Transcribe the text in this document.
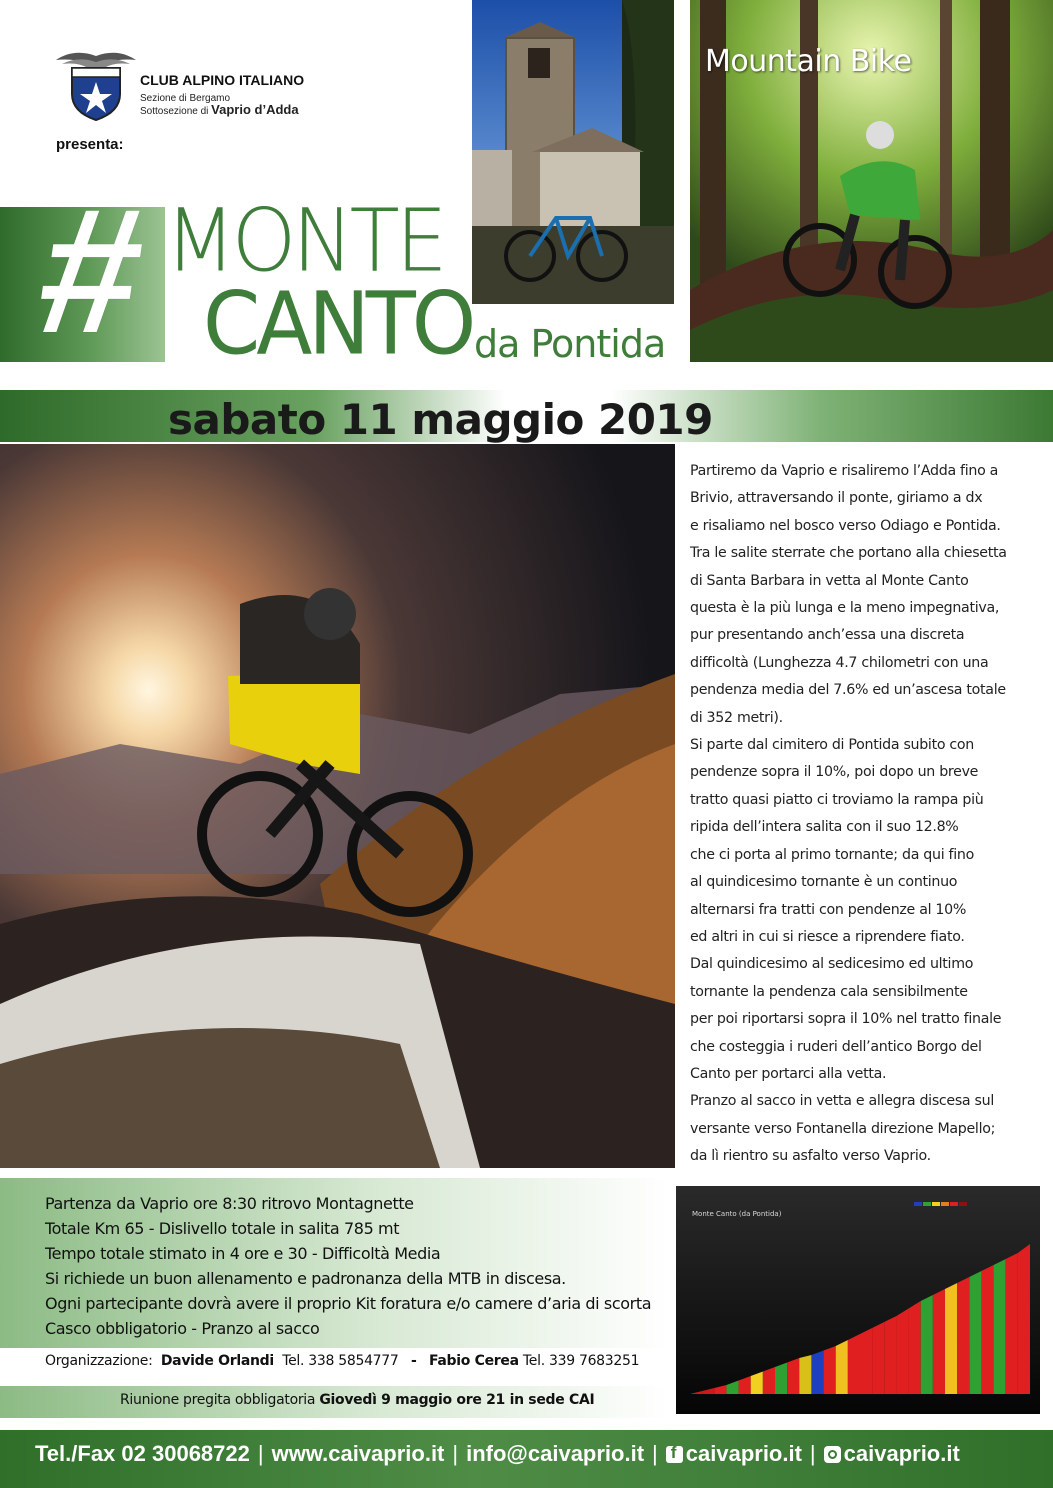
CLUB ALPINO ITALIANO
Sezione di Bergamo
Sottosezione di Vaprio d’Adda
presenta:
# MONTE
CANTO da Pontida
Mountain Bike
sabato 11 maggio 2019

Partiremo da Vaprio e risaliremo l’Adda fino a

Brivio, attraversando il ponte, giriamo a dx

e risaliamo nel bosco verso Odiago e Pontida.

Tra le salite sterrate che portano alla chiesetta

di Santa Barbara in vetta al Monte Canto

questa è la più lunga e la meno impegnativa,

pur presentando anch’essa una discreta

difficoltà (Lunghezza 4.7 chilometri con una

pendenza media del 7.6% ed un’ascesa totale

di 352 metri).

Si parte dal cimitero di Pontida subito con

pendenze sopra il 10%, poi dopo un breve

tratto quasi piatto ci troviamo la rampa più

ripida dell’intera salita con il suo 12.8%

che ci porta al primo tornante; da qui fino

al quindicesimo tornante è un continuo

alternarsi fra tratti con pendenze al 10%

ed altri in cui si riesce a riprendere fiato.

Dal quindicesimo al sedicesimo ed ultimo

tornante la pendenza cala sensibilmente

per poi riportarsi sopra il 10% nel tratto finale

che costeggia i ruderi dell’antico Borgo del

Canto per portarci alla vetta.

Pranzo al sacco in vetta e allegra discesa sul

versante verso Fontanella direzione Mapello;

da lì rientro su asfalto verso Vaprio.

Partenza da Vaprio ore 8:30 ritrovo Montagnette

Totale Km 65 - Dislivello totale in salita 785 mt

Tempo totale stimato in 4 ore e 30 - Difficoltà Media

Si richiede un buon allenamento e padronanza della MTB in discesa.

Ogni partecipante dovrà avere il proprio Kit foratura e/o camere d’aria di scorta

Casco obbligatorio - Pranzo al sacco

Organizzazione: Davide Orlandi Tel. 338 5854777 - Fabio Cerea Tel. 339 7683251
Riunione pregita obbligatoria Giovedì 9 maggio ore 21 in sede CAI
Monte Canto (da Pontida)
Tel./Fax 02 30068722 | www.caivaprio.it | info@caivaprio.it |
f caivaprio.it | caivaprio.it
